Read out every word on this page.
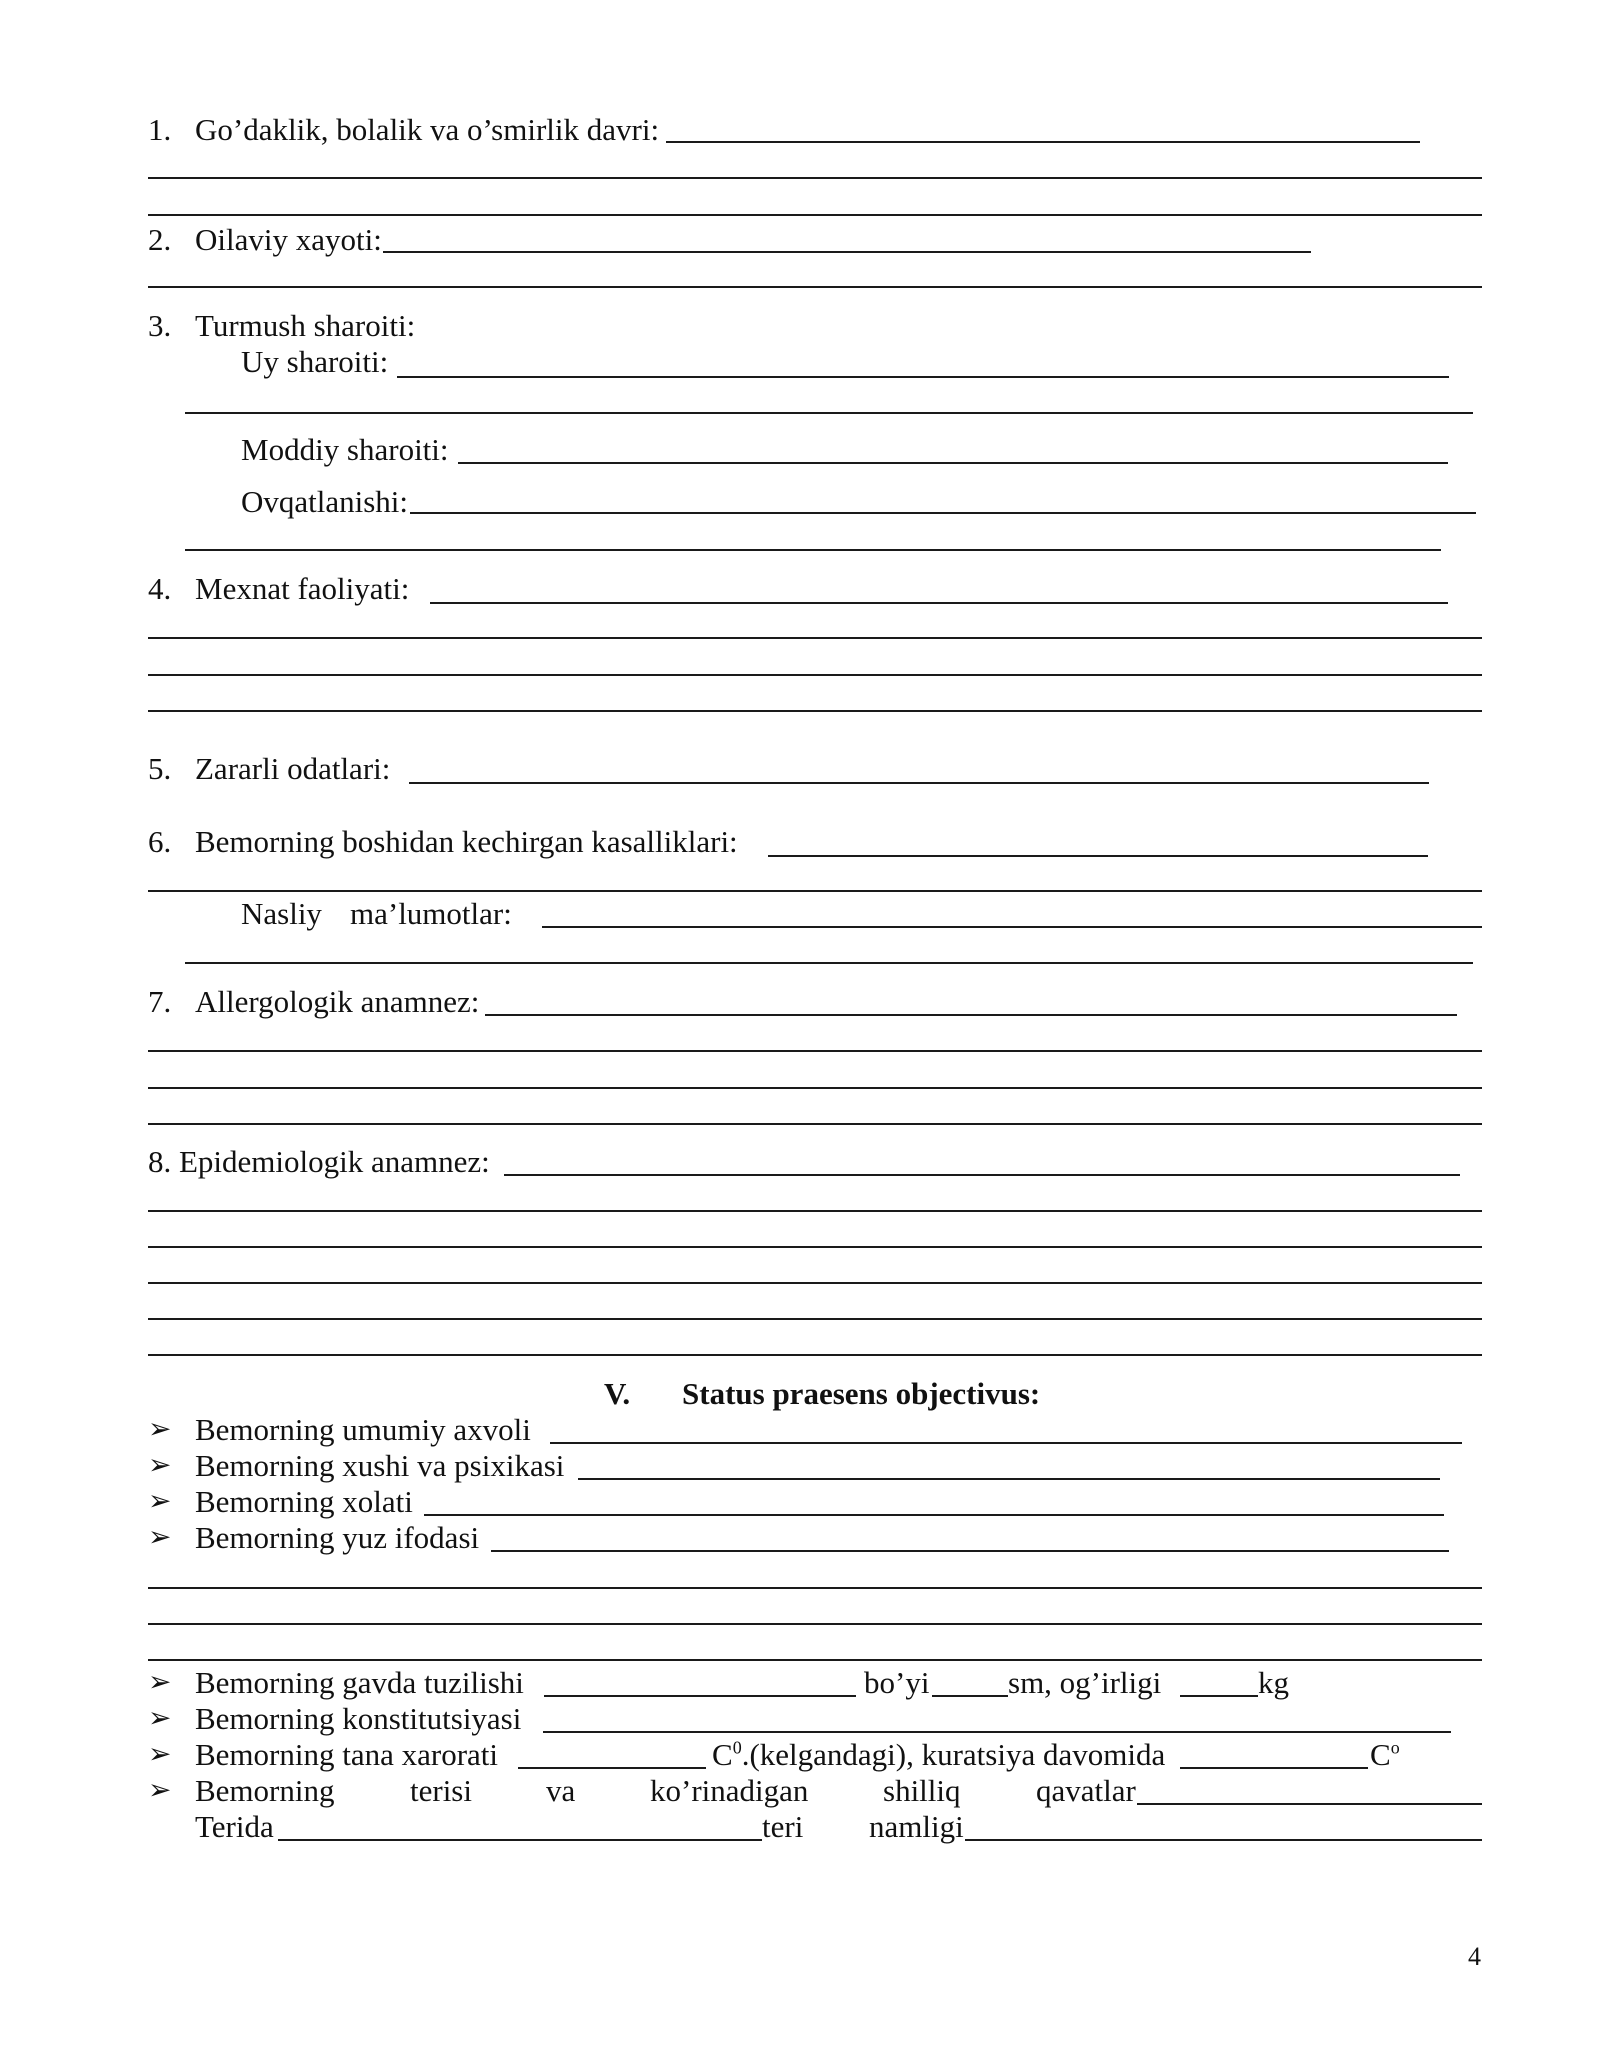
1. Go’daklik, bolalik va o’smirlik davri:
2. Oilaviy xayoti:
3. Turmush sharoiti:
Uy sharoiti:
Moddiy sharoiti:
Ovqatlanishi:
4. Mexnat faoliyati:
5. Zararli odatlari:
6. Bemorning boshidan kechirgan kasalliklari:
Nasliy ma’lumotlar:
7. Allergologik anamnez:
8. Epidemiologik anamnez:
V. Status praesens objectivus:
➢ Bemorning umumiy axvoli
➢ Bemorning xushi va psixikasi
➢ Bemorning xolati
➢ Bemorning yuz ifodasi
➢ Bemorning gavda tuzilishi	bo’yi	sm, og’irligi	kg
➢ Bemorning konstitutsiyasi
➢ Bemorning tana xarorati	$C^0.(kelgandagi)$, kuratsiya davomida	$C^o$
➢ Bemorning terisi va ko’rinadigan shilliq qavatlar
Terida	teri namligi
4
